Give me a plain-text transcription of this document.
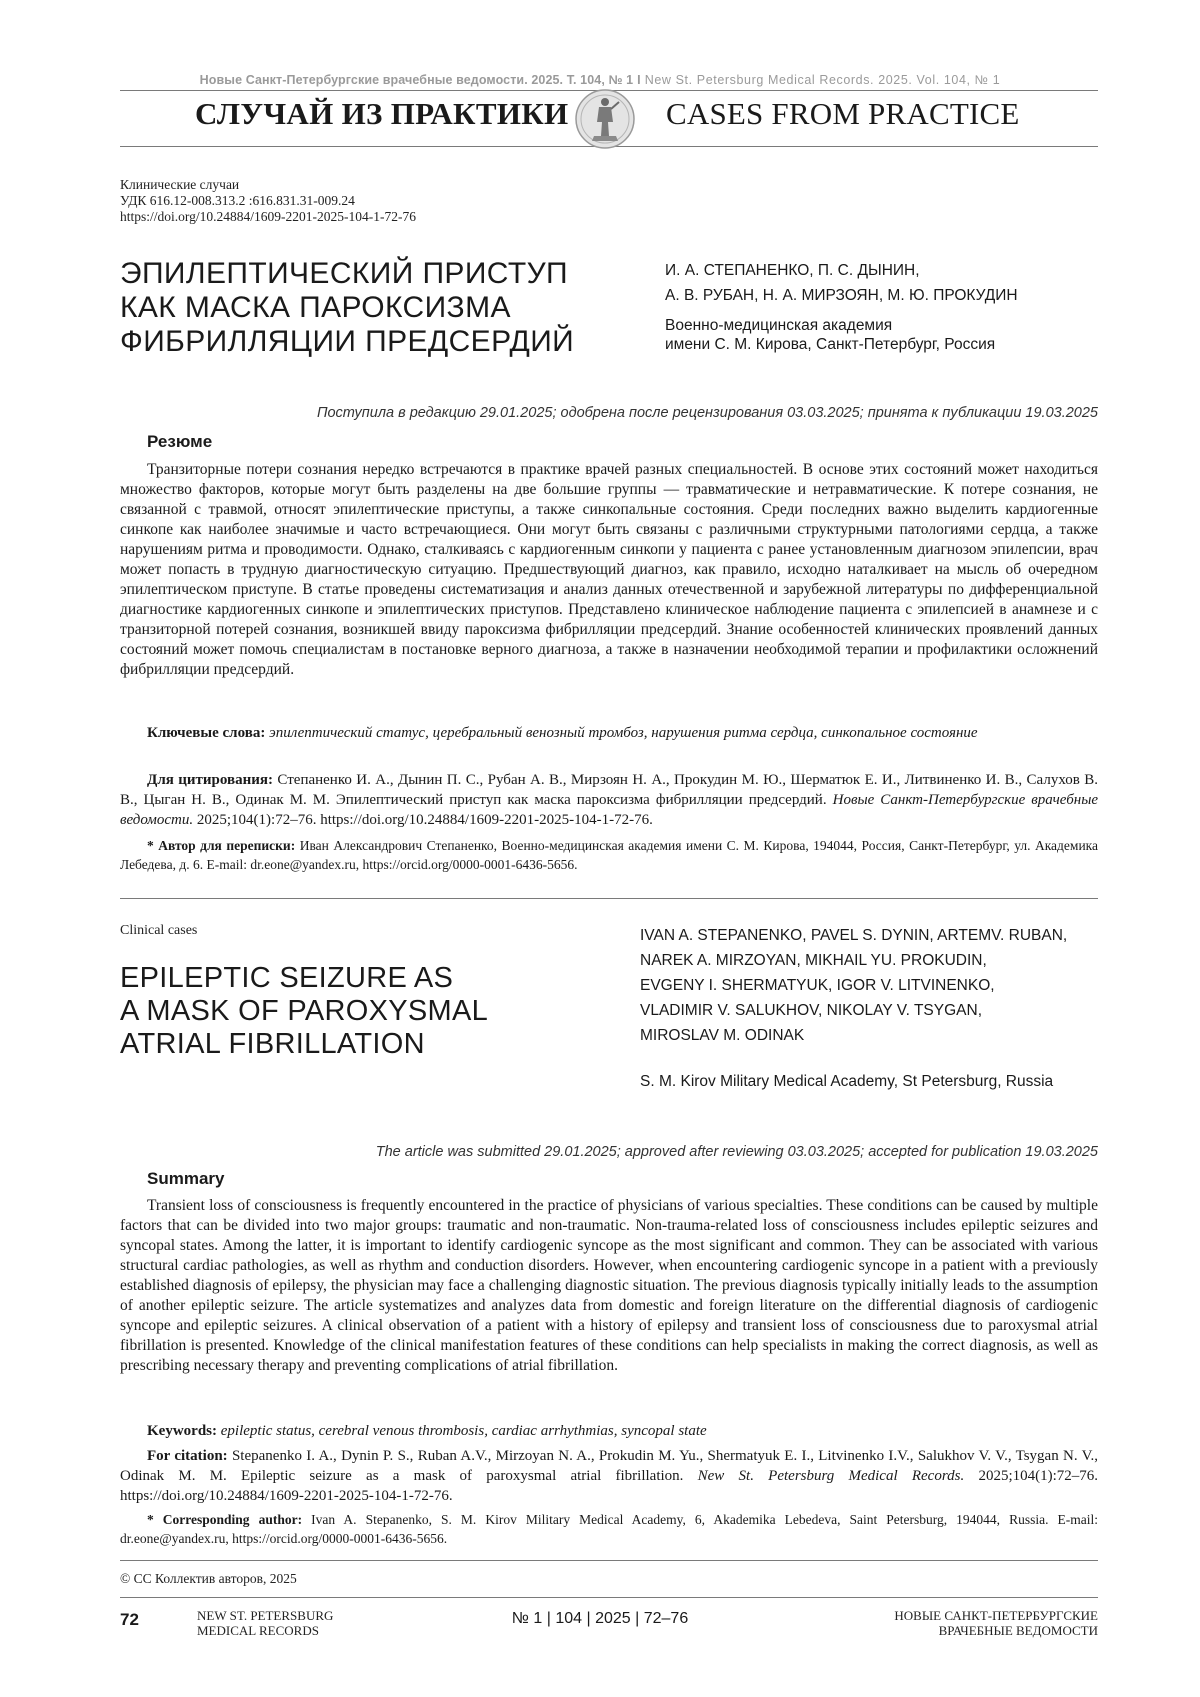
Новые Санкт-Петербургские врачебные ведомости. 2025. Т. 104, № 1 I New St. Petersburg Medical Records. 2025. Vol. 104, № 1
СЛУЧАЙ ИЗ ПРАКТИКИ	CASES FROM PRACTICE
Клинические случаи
УДК 616.12-008.313.2 :616.831.31-009.24
https://doi.org/10.24884/1609-2201-2025-104-1-72-76
ЭПИЛЕПТИЧЕСКИЙ ПРИСТУП
КАК МАСКА ПАРОКСИЗМА
ФИБРИЛЛЯЦИИ ПРЕДСЕРДИЙ
И. А. СТЕПАНЕНКО, П. С. ДЫНИН,
А. В. РУБАН, Н. А. МИРЗОЯН, М. Ю. ПРОКУДИН
Военно-медицинская академия
имени С. М. Кирова, Санкт-Петербург, Россия
Поступила в редакцию 29.01.2025; одобрена после рецензирования 03.03.2025; принята к публикации 19.03.2025
Резюме
Транзиторные потери сознания нередко встречаются в практике врачей разных специальностей. В основе этих состояний может находиться множество факторов, которые могут быть разделены на две большие группы — травматические и нетравматические. К потере сознания, не связанной с травмой, относят эпилептические приступы, а также синкопальные состояния. Среди последних важно выделить кардиогенные синкопе как наиболее значимые и часто встречающиеся. Они могут быть связаны с различными структурными патологиями сердца, а также нарушениям ритма и проводимости. Однако, сталкиваясь с кардиогенным синкопи у пациента с ранее установленным диагнозом эпилепсии, врач может попасть в трудную диагностическую ситуацию. Предшествующий диагноз, как правило, исходно наталкивает на мысль об очередном эпилептическом приступе. В статье проведены систематизация и анализ данных отечественной и зарубежной литературы по дифференциальной диагностике кардиогенных синкопе и эпилептических приступов. Представлено клиническое наблюдение пациента с эпилепсией в анамнезе и с транзиторной потерей сознания, возникшей ввиду пароксизма фибрилляции предсердий. Знание особенностей клинических проявлений данных состояний может помочь специалистам в постановке верного диагноза, а также в назначении необходимой терапии и профилактики осложнений фибрилляции предсердий.
Ключевые слова: эпилептический статус, церебральный венозный тромбоз, нарушения ритма сердца, синкопальное состояние
Для цитирования: Степаненко И. А., Дынин П. С., Рубан А. В., Мирзоян Н. А., Прокудин М. Ю., Шерматюк Е. И., Литвиненко И. В., Салухов В. В., Цыган Н. В., Одинак М. М. Эпилептический приступ как маска пароксизма фибрилляции предсердий. Новые Санкт-Петербургские врачебные ведомости. 2025;104(1):72–76. https://doi.org/10.24884/1609-2201-2025-104-1-72-76.
* Автор для переписки: Иван Александрович Степаненко, Военно-медицинская академия имени С. М. Кирова, 194044, Россия, Санкт-Петербург, ул. Академика Лебедева, д. 6. E-mail: dr.eone@yandex.ru, https://orcid.org/0000-0001-6436-5656.
Clinical cases
EPILEPTIC SEIZURE AS
A MASK OF PAROXYSMAL
ATRIAL FIBRILLATION
IVAN A. STEPANENKO, PAVEL S. DYNIN, ARTEMV. RUBAN,
NAREK A. MIRZOYAN, MIKHAIL YU. PROKUDIN,
EVGENY I. SHERMATYUK, IGOR V. LITVINENKO,
VLADIMIR V. SALUKHOV, NIKOLAY V. TSYGAN,
MIROSLAV M. ODINAK
S. M. Kirov Military Medical Academy, St Petersburg, Russia
The article was submitted 29.01.2025; approved after reviewing 03.03.2025; accepted for publication 19.03.2025
Summary
Transient loss of consciousness is frequently encountered in the practice of physicians of various specialties. These conditions can be caused by multiple factors that can be divided into two major groups: traumatic and non-traumatic. Non-trauma-related loss of consciousness includes epileptic seizures and syncopal states. Among the latter, it is important to identify cardiogenic syncope as the most significant and common. They can be associated with various structural cardiac pathologies, as well as rhythm and conduction disorders. However, when encountering cardiogenic syncope in a patient with a previously established diagnosis of epilepsy, the physician may face a challenging diagnostic situation. The previous diagnosis typically initially leads to the assumption of another epileptic seizure. The article systematizes and analyzes data from domestic and foreign literature on the differential diagnosis of cardiogenic syncope and epileptic seizures. A clinical observation of a patient with a history of epilepsy and transient loss of consciousness due to paroxysmal atrial fibrillation is presented. Knowledge of the clinical manifestation features of these conditions can help specialists in making the correct diagnosis, as well as prescribing necessary therapy and preventing complications of atrial fibrillation.
Keywords: epileptic status, cerebral venous thrombosis, cardiac arrhythmias, syncopal state
For citation: Stepanenko I. A., Dynin P. S., Ruban A.V., Mirzoyan N. A., Prokudin M. Yu., Shermatyuk E. I., Litvinenko I.V., Salukhov V. V., Tsygan N. V., Odinak M. M. Epileptic seizure as a mask of paroxysmal atrial fibrillation. New St. Petersburg Medical Records. 2025;104(1):72–76. https://doi.org/10.24884/1609-2201-2025-104-1-72-76.
* Corresponding author: Ivan A. Stepanenko, S. M. Kirov Military Medical Academy, 6, Akademika Lebedeva, Saint Petersburg, 194044, Russia. E-mail: dr.eone@yandex.ru, https://orcid.org/0000-0001-6436-5656.
© СС Коллектив авторов, 2025
72	NEW ST. PETERSBURG
MEDICAL RECORDS
№ 1 | 104 | 2025 | 72–76	НОВЫЕ САНКТ-ПЕТЕРБУРГСКИЕ
ВРАЧЕБНЫЕ ВЕДОМОСТИ
